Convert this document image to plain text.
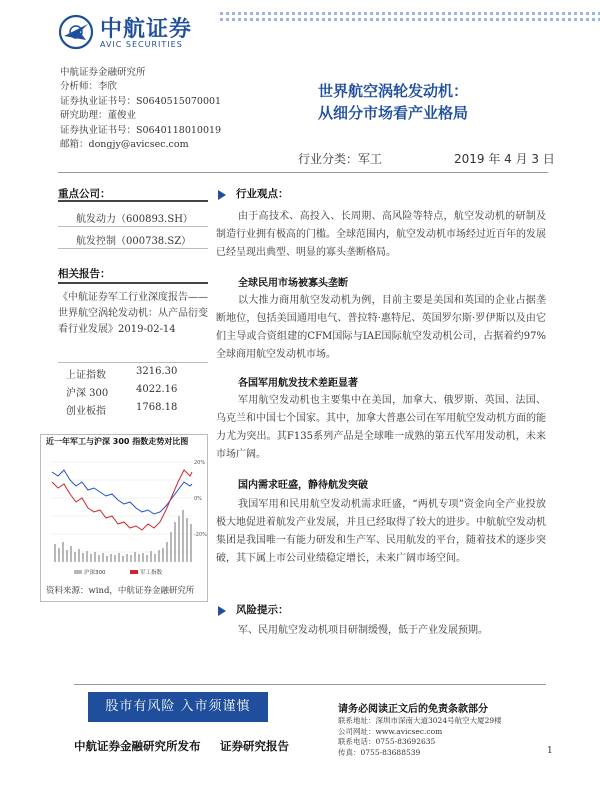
中航证券
AVIC SECURITIES
中航证券金融研究所
分析师：李欣
证券执业证书号：S0640515070001
研究助理：董俊业
证券执业证书号：S0640118010019
邮箱：dongjy@avicsec.com
世界航空涡轮发动机：
从细分市场看产业格局
行业分类：军工	2019 年 4 月 3 日
重点公司：
航发动力（600893.SH）
航发控制（000738.SZ）
相关报告：
《中航证券军工行业深度报告——世界航空涡轮发动机：从产品衍变看行业发展》2019-02-14
上证指数	3216.30
沪深 300	4022.16
创业板指	1768.18
近一年军工与沪深 300 指数走势对比图
20%
0%
-20%
沪深300	军工指数
资料来源：wind，中航证券金融研究所
行业观点：
由于高技术、高投入、长周期、高风险等特点，航空发动机的研制及制造行业拥有极高的门槛。全球范围内，航空发动机市场经过近百年的发展已经呈现出典型、明显的寡头垄断格局。
全球民用市场被寡头垄断
以大推力商用航空发动机为例，目前主要是美国和英国的企业占据垄断地位，包括美国通用电气、普拉特·惠特尼、英国罗尔斯·罗伊斯以及由它们主导或合资组建的CFM国际与IAE国际航空发动机公司，占据着约97%全球商用航空发动机市场。
各国军用航发技术差距显著
军用航空发动机也主要集中在美国，加拿大、俄罗斯、英国、法国、乌克兰和中国七个国家。其中，加拿大普惠公司在军用航空发动机方面的能力尤为突出。其F135系列产品是全球唯一成熟的第五代军用发动机，未来市场广阔。
国内需求旺盛，静待航发突破
我国军用和民用航空发动机需求旺盛，“两机专项”资金向全产业投放极大地促进着航发产业发展，并且已经取得了较大的进步。中航航空发动机集团是我国唯一有能力研发和生产军、民用航发的平台，随着技术的逐步突破，其下属上市公司业绩稳定增长，未来广阔市场空间。
风险提示：
军、民用航空发动机项目研制缓慢，低于产业发展预期。
股市有风险 入市须谨慎	请务必阅读正文后的免责条款部分
联系地址：深圳市深南大道3024号航空大厦29楼
公司网址：www.avicsec.com
联系电话：0755-83692635
传真：0755-83688539
中航证券金融研究所发布 证券研究报告	1
